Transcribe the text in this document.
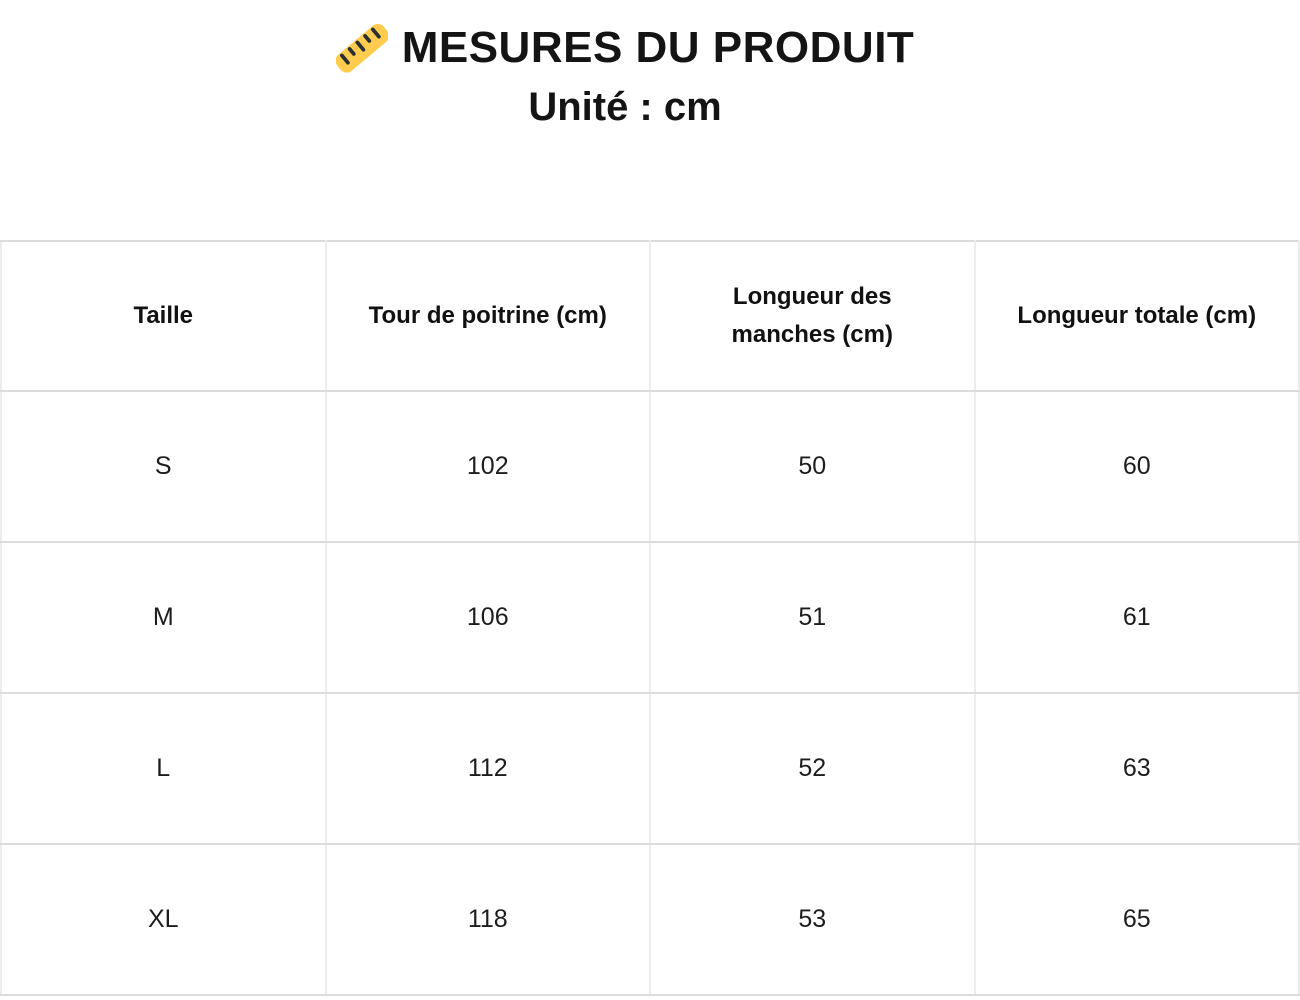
MESURES DU PRODUIT
Unité : cm
Taille	Tour de poitrine (cm)	Longueur des manches (cm)	Longueur totale (cm)
S	102	50	60
M	106	51	61
L	112	52	63
XL	118	53	65
